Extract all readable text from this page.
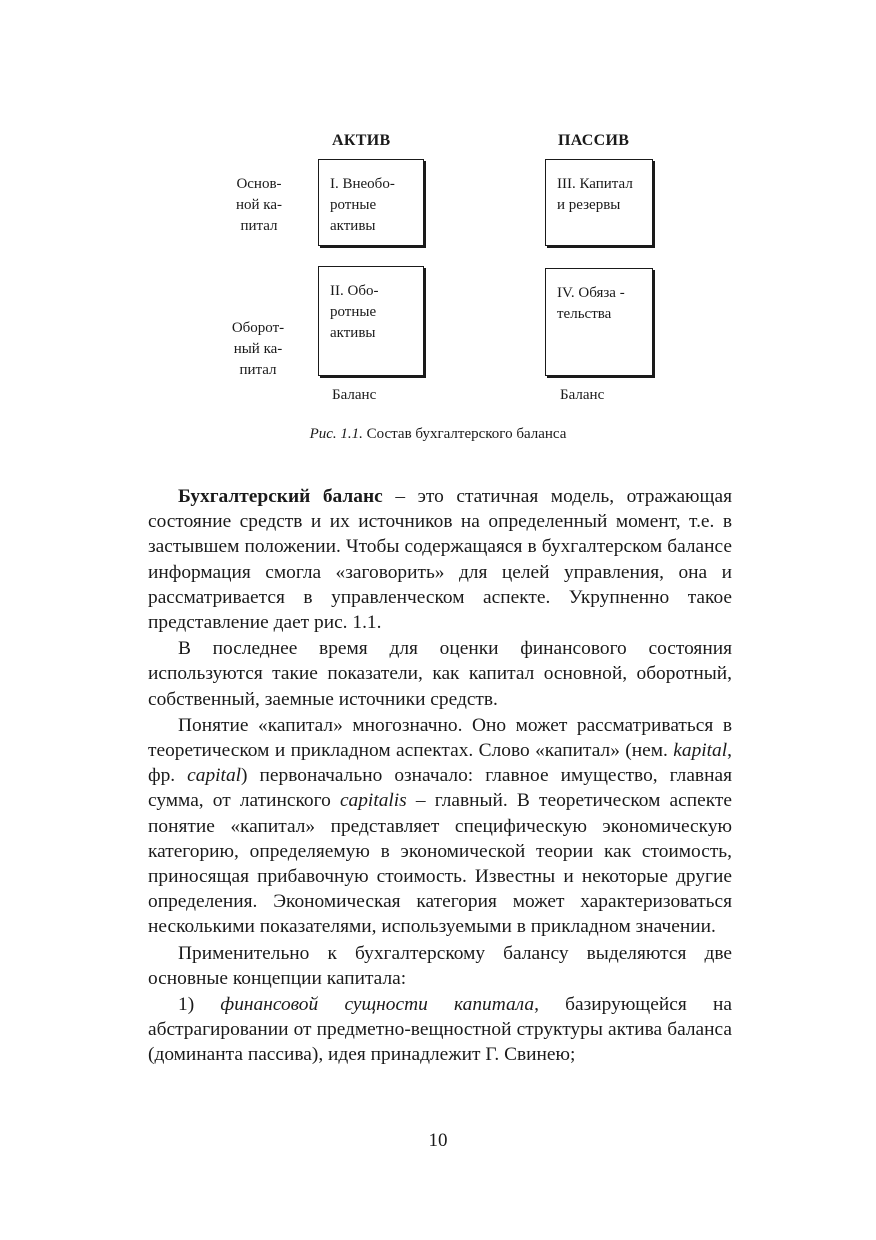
АКТИВ	ПАССИВ
Основ-
ной ка-
питал
Оборот-
ный ка-
питал
I. Внеобо-
ротные
активы
II. Обо-
ротные
активы
III. Капитал
и резервы
IV. Обяза -
тельства
Баланс	Баланс
Рис. 1.1. Состав бухгалтерского баланса

Бухгалтерский баланс – это статичная модель, отражающая состояние средств и их источников на определенный момент, т.е. в застывшем положении. Чтобы содержащаяся в бухгалтерском балансе информация смогла «заговорить» для целей управления, она и рассматривается в управленческом аспекте. Укрупненно такое представление дает рис. 1.1.

В последнее время для оценки финансового состояния используются такие показатели, как капитал основной, оборотный, собственный, заемные источники средств.

Понятие «капитал» многозначно. Оно может рассматриваться в теоретическом и прикладном аспектах. Слово «капитал» (нем. kapital, фр. capital) первоначально означало: главное имущество, главная сумма, от латинского capitalis – главный. В теоретическом аспекте понятие «капитал» представляет специфическую экономическую категорию, определяемую в экономической теории как стоимость, приносящая прибавочную стоимость. Известны и некоторые другие определения. Экономическая категория может характеризоваться несколькими показателями, используемыми в прикладном значении.

Применительно к бухгалтерскому балансу выделяются две основные концепции капитала:

1) финансовой сущности капитала, базирующейся на абстрагировании от предметно-вещностной структуры актива баланса (доминанта пассива), идея принадлежит Г. Свинею;

10
